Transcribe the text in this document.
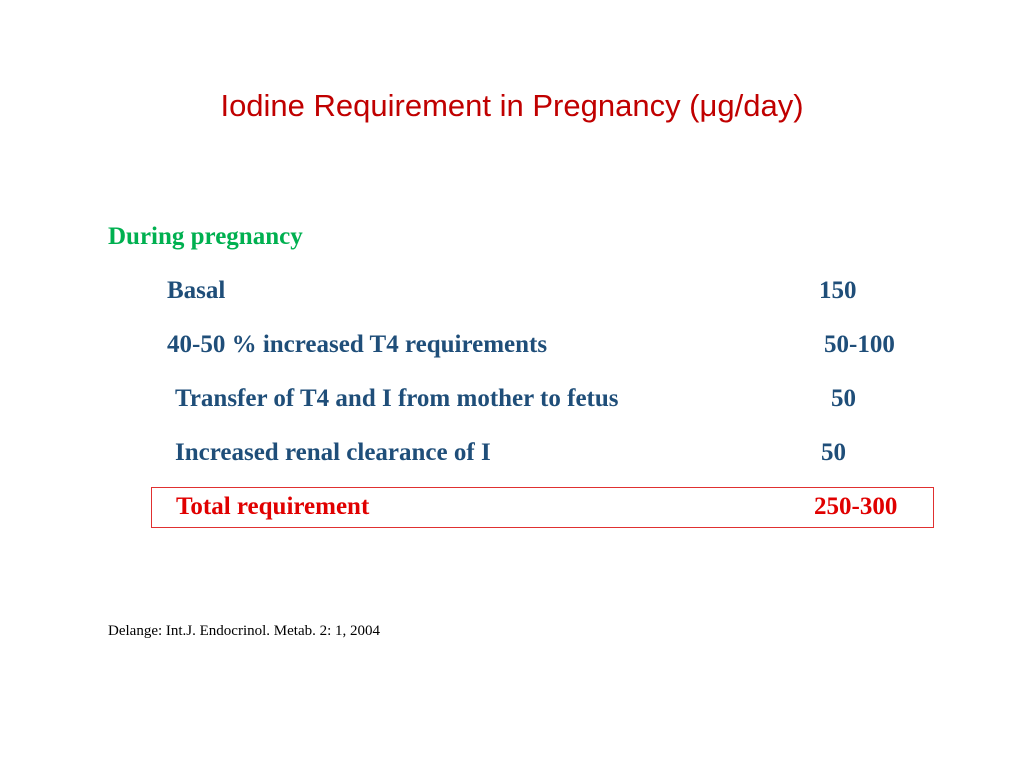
Iodine Requirement in Pregnancy (μg/day)
During pregnancy
Basal	150
40-50 % increased T4 requirements	50-100
Transfer of T4 and I from mother to fetus	50
Increased renal clearance of I	50
Total requirement	250-300
Delange: Int.J. Endocrinol. Metab. 2: 1, 2004
